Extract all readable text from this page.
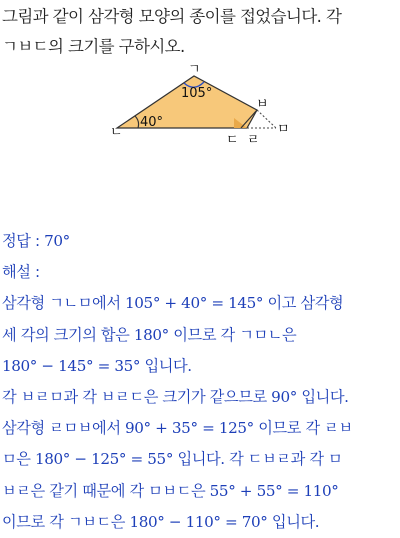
그림과 같이 삼각형 모양의 종이를 접었습니다. 각
ㄱㅂㄷ의 크기를 구하시오.
105°
40°
ㄱ
ㄴ
ㅂ
ㄷ ㄹ
ㅁ
정답 : 70°
해설 :
삼각형 ㄱㄴㅁ에서 105° + 40° = 145° 이고 삼각형
세 각의 크기의 합은 180° 이므로 각 ㄱㅁㄴ은
180° − 145° = 35° 입니다.
각 ㅂㄹㅁ과 각 ㅂㄹㄷ은 크기가 같으므로 90° 입니다.
삼각형 ㄹㅁㅂ에서 90° + 35° = 125° 이므로 각 ㄹㅂ
ㅁ은 180° − 125° = 55° 입니다. 각 ㄷㅂㄹ과 각 ㅁ
ㅂㄹ은 같기 때문에 각 ㅁㅂㄷ은 55° + 55° = 110°
이므로 각 ㄱㅂㄷ은 180° − 110° = 70° 입니다.
